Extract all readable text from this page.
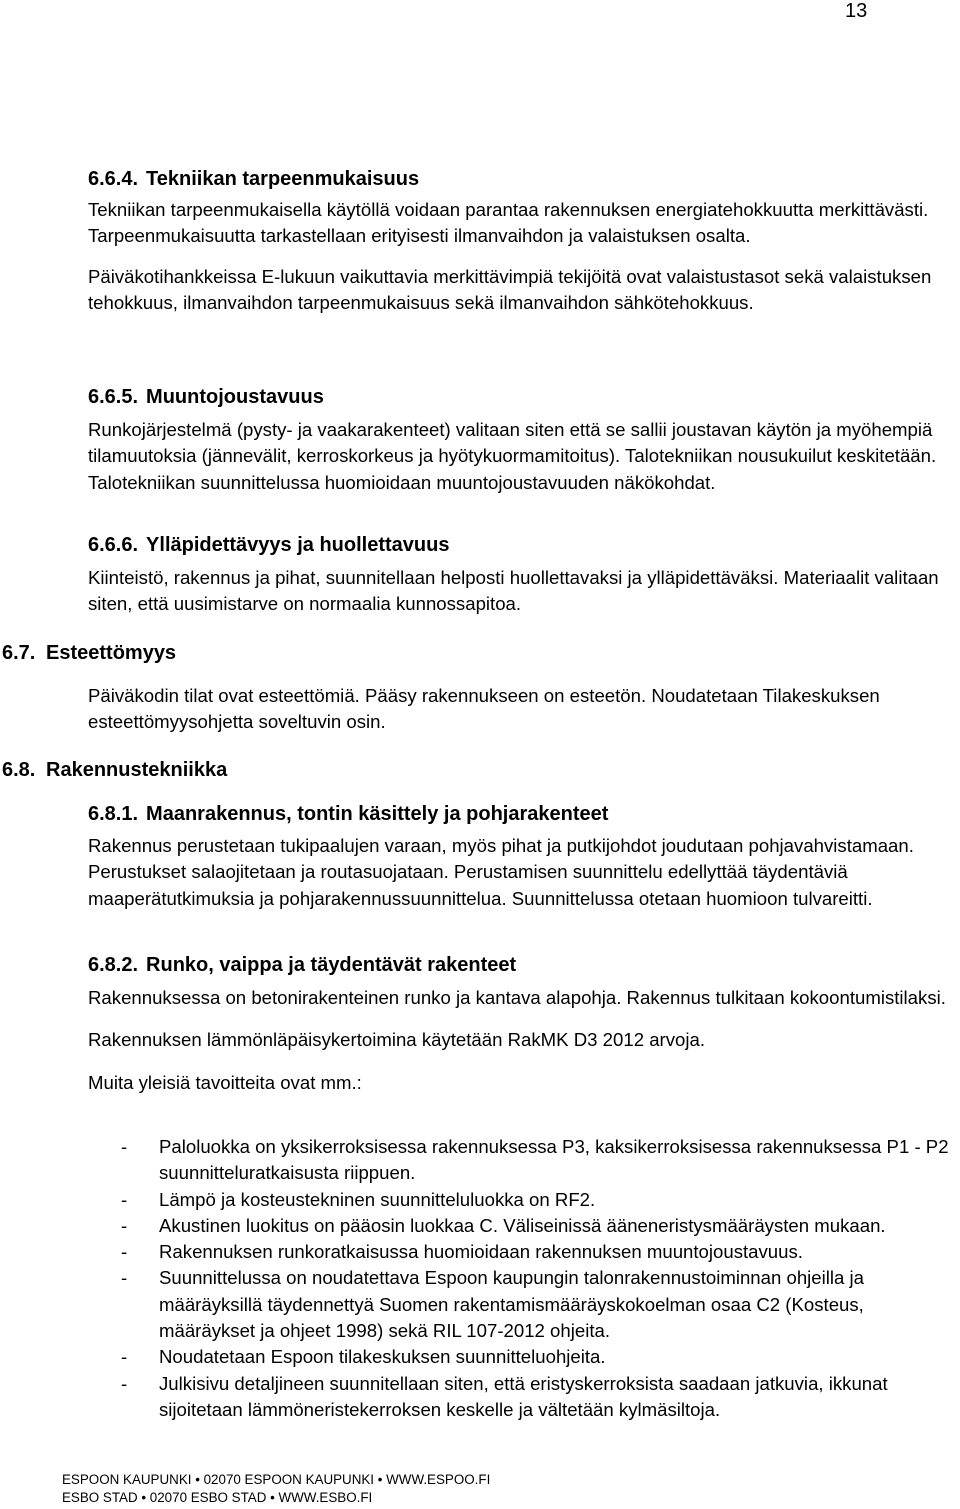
13
6.6.4. Tekniikan tarpeenmukaisuus

Tekniikan tarpeenmukaisella käytöllä voidaan parantaa rakennuksen energiatehokkuutta merkittävästi. Tarpeenmukaisuutta tarkastellaan erityisesti ilmanvaihdon ja valaistuksen osalta.

Päiväkotihankkeissa E-lukuun vaikuttavia merkittävimpiä tekijöitä ovat valaistustasot sekä valaistuksen tehokkuus, ilmanvaihdon tarpeenmukaisuus sekä ilmanvaihdon sähkötehokkuus.

6.6.5. Muuntojoustavuus

Runkojärjestelmä (pysty- ja vaakarakenteet) valitaan siten että se sallii joustavan käytön ja myöhempiä tilamuutoksia (jännevälit, kerroskorkeus ja hyötykuormamitoitus). Talotekniikan nousukuilut keskitetään. Talotekniikan suunnittelussa huomioidaan muuntojoustavuuden näkökohdat.

6.6.6. Ylläpidettävyys ja huollettavuus

Kiinteistö, rakennus ja pihat, suunnitellaan helposti huollettavaksi ja ylläpidettäväksi. Materiaalit valitaan siten, että uusimistarve on normaalia kunnossapitoa.

6.7. Esteettömyys

Päiväkodin tilat ovat esteettömiä. Pääsy rakennukseen on esteetön. Noudatetaan Tilakeskuksen esteettömyysohjetta soveltuvin osin.

6.8. Rakennustekniikka
6.8.1. Maanrakennus, tontin käsittely ja pohjarakenteet

Rakennus perustetaan tukipaalujen varaan, myös pihat ja putkijohdot joudutaan pohjavahvistamaan. Perustukset salaojitetaan ja routasuojataan. Perustamisen suunnittelu edellyttää täydentäviä maaperätutkimuksia ja pohjarakennussuunnittelua. Suunnittelussa otetaan huomioon tulvareitti.

6.8.2. Runko, vaippa ja täydentävät rakenteet

Rakennuksessa on betonirakenteinen runko ja kantava alapohja. Rakennus tulkitaan kokoontumistilaksi.

Rakennuksen lämmönläpäisykertoimina käytetään RakMK D3 2012 arvoja.

Muita yleisiä tavoitteita ovat mm.:

- Paloluokka on yksikerroksisessa rakennuksessa P3, kaksikerroksisessa rakennuksessa P1 - P2 suunnitteluratkaisusta riippuen.
- Lämpö ja kosteustekninen suunnitteluluokka on RF2.
- Akustinen luokitus on pääosin luokkaa C. Väliseinissä ääneneristysmääräysten mukaan.
- Rakennuksen runkoratkaisussa huomioidaan rakennuksen muuntojoustavuus.
- Suunnittelussa on noudatettava Espoon kaupungin talonrakennustoiminnan ohjeilla ja määräyksillä täydennettyä Suomen rakentamismääräyskokoelman osaa C2 (Kosteus, määräykset ja ohjeet 1998) sekä RIL 107-2012 ohjeita.
- Noudatetaan Espoon tilakeskuksen suunnitteluohjeita.
- Julkisivu detaljineen suunnitellaan siten, että eristyskerroksista saadaan jatkuvia, ikkunat sijoitetaan lämmöneristekerroksen keskelle ja vältetään kylmäsiltoja.
ESPOON KAUPUNKI • 02070 ESPOON KAUPUNKI • WWW.ESPOO.FI
ESBO STAD • 02070 ESBO STAD • WWW.ESBO.FI
